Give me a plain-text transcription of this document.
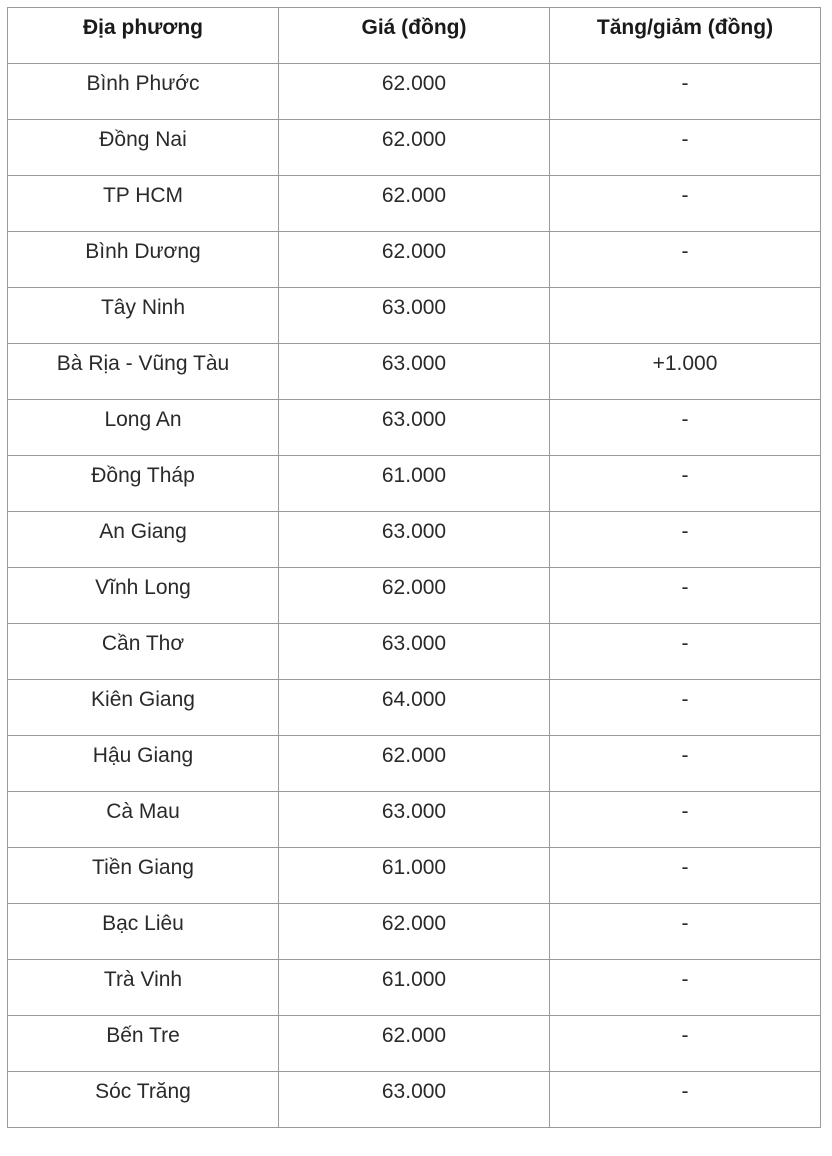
Địa phương	Giá (đồng)	Tăng/giảm (đồng)
Bình Phước	62.000	-
Đồng Nai	62.000	-
TP HCM	62.000	-
Bình Dương	62.000	-
Tây Ninh	63.000	
Bà Rịa - Vũng Tàu	63.000	+1.000
Long An	63.000	-
Đồng Tháp	61.000	-
An Giang	63.000	-
Vĩnh Long	62.000	-
Cần Thơ	63.000	-
Kiên Giang	64.000	-
Hậu Giang	62.000	-
Cà Mau	63.000	-
Tiền Giang	61.000	-
Bạc Liêu	62.000	-
Trà Vinh	61.000	-
Bến Tre	62.000	-
Sóc Trăng	63.000	-
